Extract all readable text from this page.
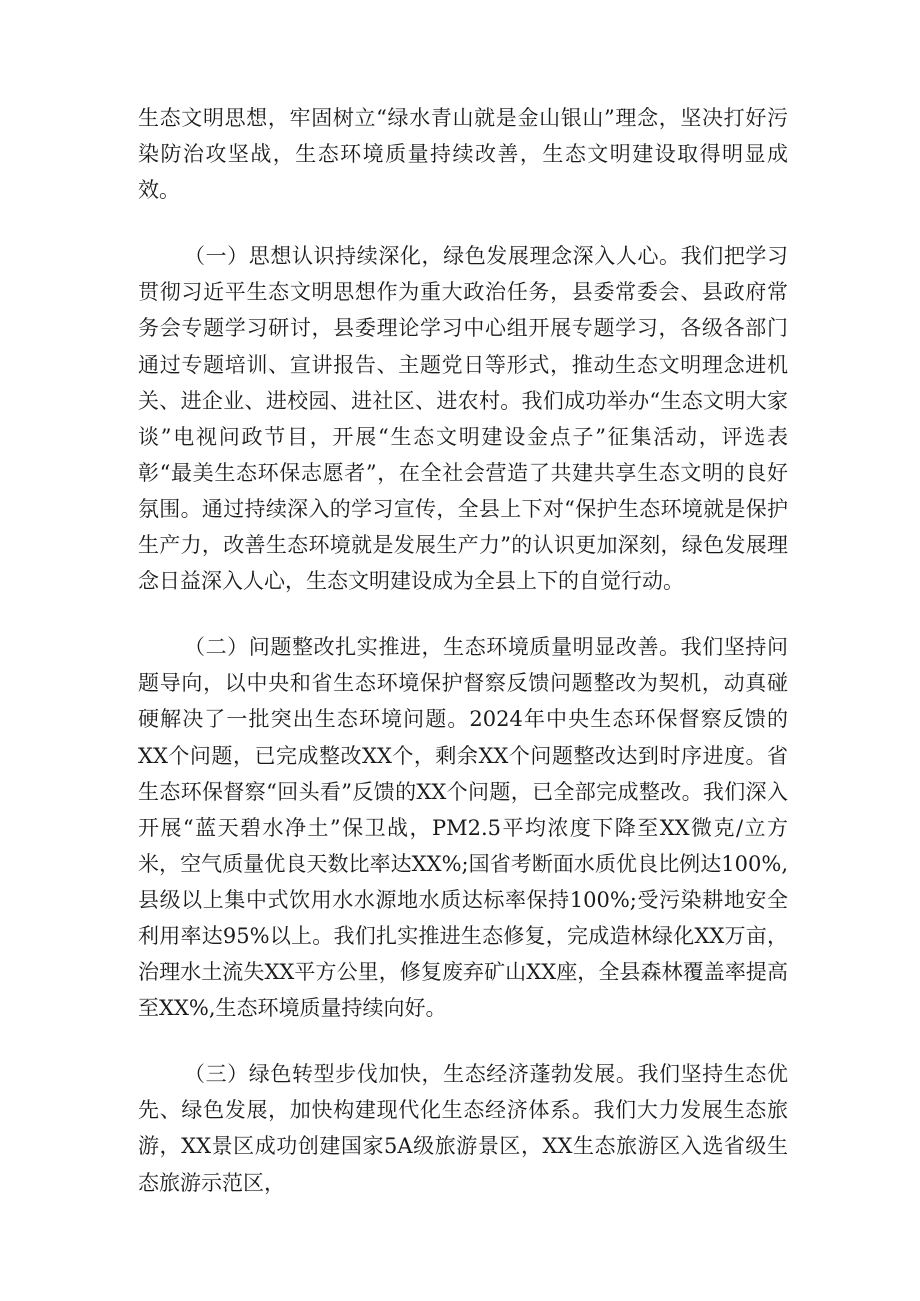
生态文明思想，牢固树立“绿水青山就是金山银山”理念，坚决打好污染防治攻坚战，生态环境质量持续改善，生态文明建设取得明显成效。

（一）思想认识持续深化，绿色发展理念深入人心。我们把学习贯彻习近平生态文明思想作为重大政治任务，县委常委会、县政府常务会专题学习研讨，县委理论学习中心组开展专题学习，各级各部门通过专题培训、宣讲报告、主题党日等形式，推动生态文明理念进机关、进企业、进校园、进社区、进农村。我们成功举办“生态文明大家谈”电视问政节目，开展“生态文明建设金点子”征集活动，评选表彰“最美生态环保志愿者”，在全社会营造了共建共享生态文明的良好氛围。通过持续深入的学习宣传，全县上下对“保护生态环境就是保护生产力，改善生态环境就是发展生产力”的认识更加深刻，绿色发展理念日益深入人心，生态文明建设成为全县上下的自觉行动。

（二）问题整改扎实推进，生态环境质量明显改善。我们坚持问题导向，以中央和省生态环境保护督察反馈问题整改为契机，动真碰硬解决了一批突出生态环境问题。2024年中央生态环保督察反馈的XX个问题，已完成整改XX个，剩余XX个问题整改达到时序进度。省生态环保督察“回头看”反馈的XX个问题，已全部完成整改。我们深入开展“蓝天碧水净土”保卫战，PM2.5平均浓度下降至XX微克/立方米，空气质量优良天数比率达XX%;国省考断面水质优良比例达100%,县级以上集中式饮用水水源地水质达标率保持100%;受污染耕地安全利用率达95%以上。我们扎实推进生态修复，完成造林绿化XX万亩，治理水土流失XX平方公里，修复废弃矿山XX座，全县森林覆盖率提高至XX%,生态环境质量持续向好。

（三）绿色转型步伐加快，生态经济蓬勃发展。我们坚持生态优先、绿色发展，加快构建现代化生态经济体系。我们大力发展生态旅游，XX景区成功创建国家5A级旅游景区，XX生态旅游区入选省级生态旅游示范区，
